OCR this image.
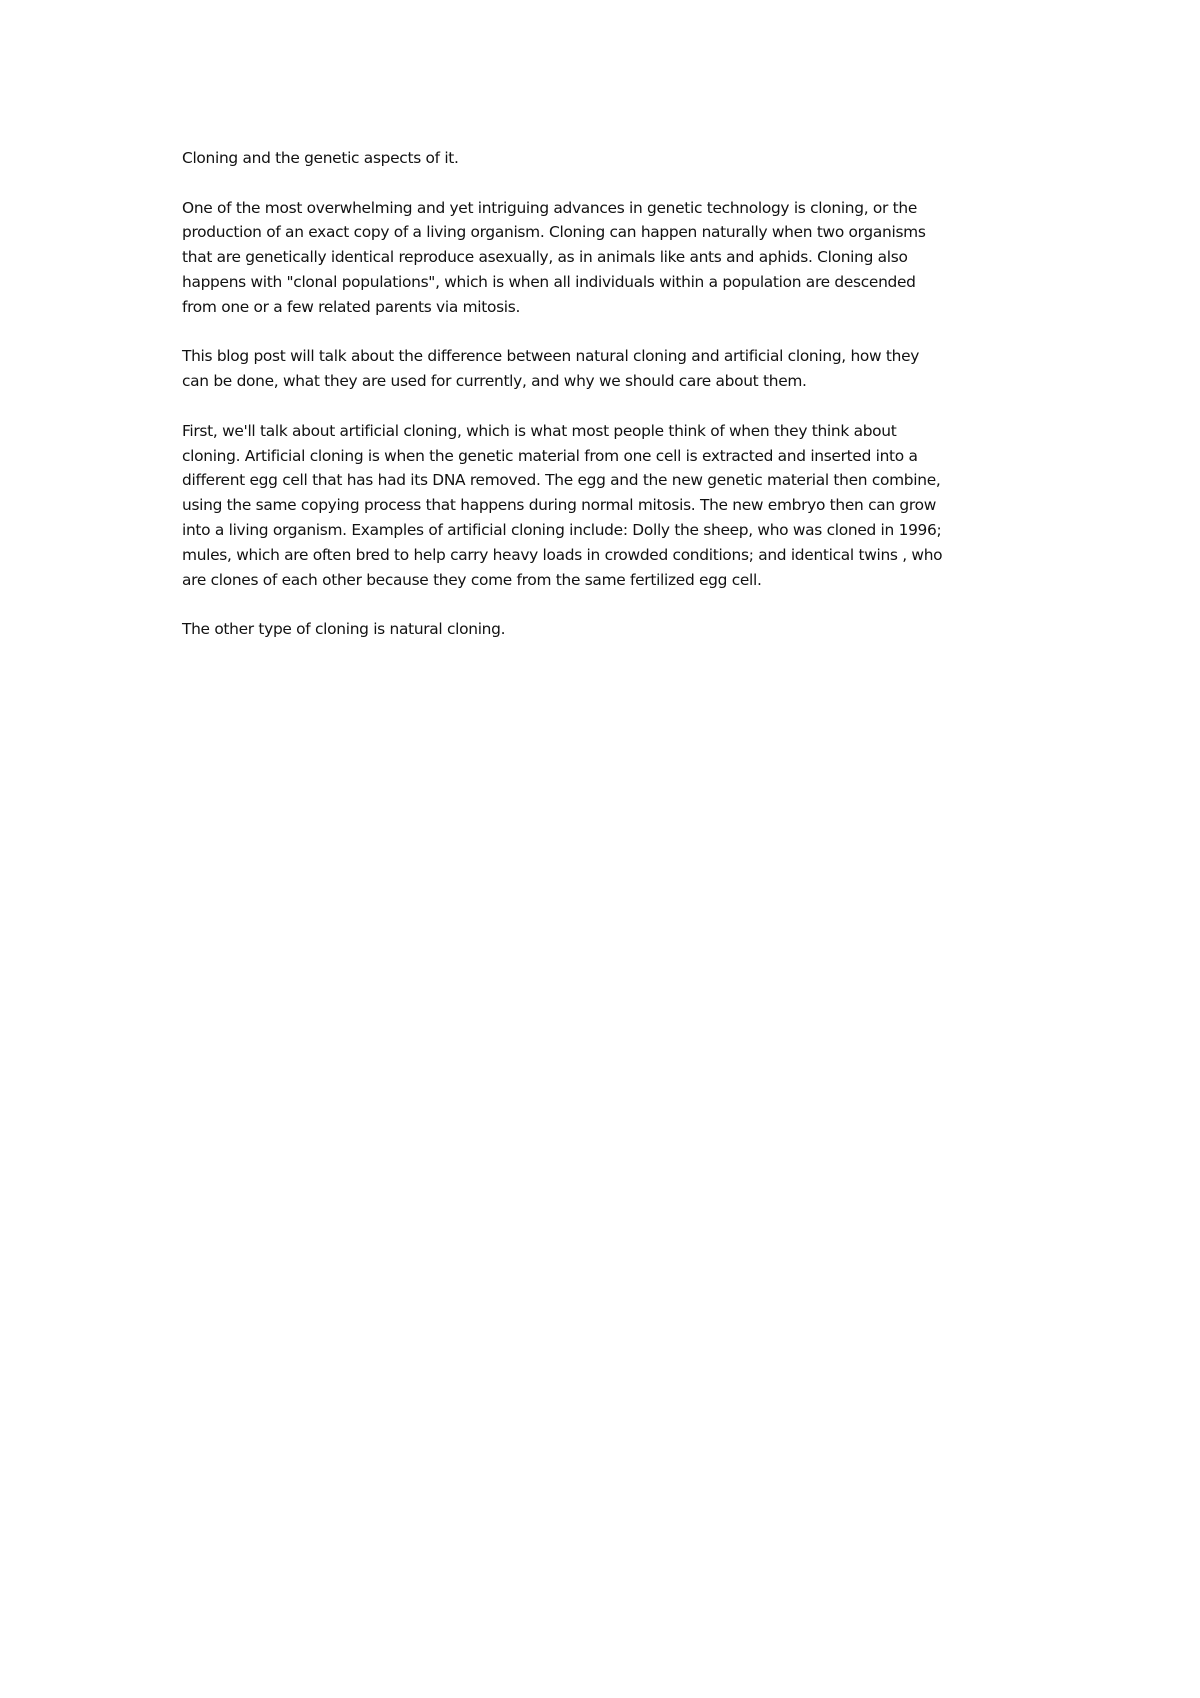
Cloning and the genetic aspects of it.

One of the most overwhelming and yet intriguing advances in genetic technology is cloning, or the
production of an exact copy of a living organism. Cloning can happen naturally when two organisms
that are genetically identical reproduce asexually, as in animals like ants and aphids. Cloning also
happens with "clonal populations", which is when all individuals within a population are descended
from one or a few related parents via mitosis.

This blog post will talk about the difference between natural cloning and artificial cloning, how they
can be done, what they are used for currently, and why we should care about them.

First, we'll talk about artificial cloning, which is what most people think of when they think about
cloning. Artificial cloning is when the genetic material from one cell is extracted and inserted into a
different egg cell that has had its DNA removed. The egg and the new genetic material then combine,
using the same copying process that happens during normal mitosis. The new embryo then can grow
into a living organism. Examples of artificial cloning include: Dolly the sheep, who was cloned in 1996;
mules, which are often bred to help carry heavy loads in crowded conditions; and identical twins , who
are clones of each other because they come from the same fertilized egg cell.

The other type of cloning is natural cloning.
